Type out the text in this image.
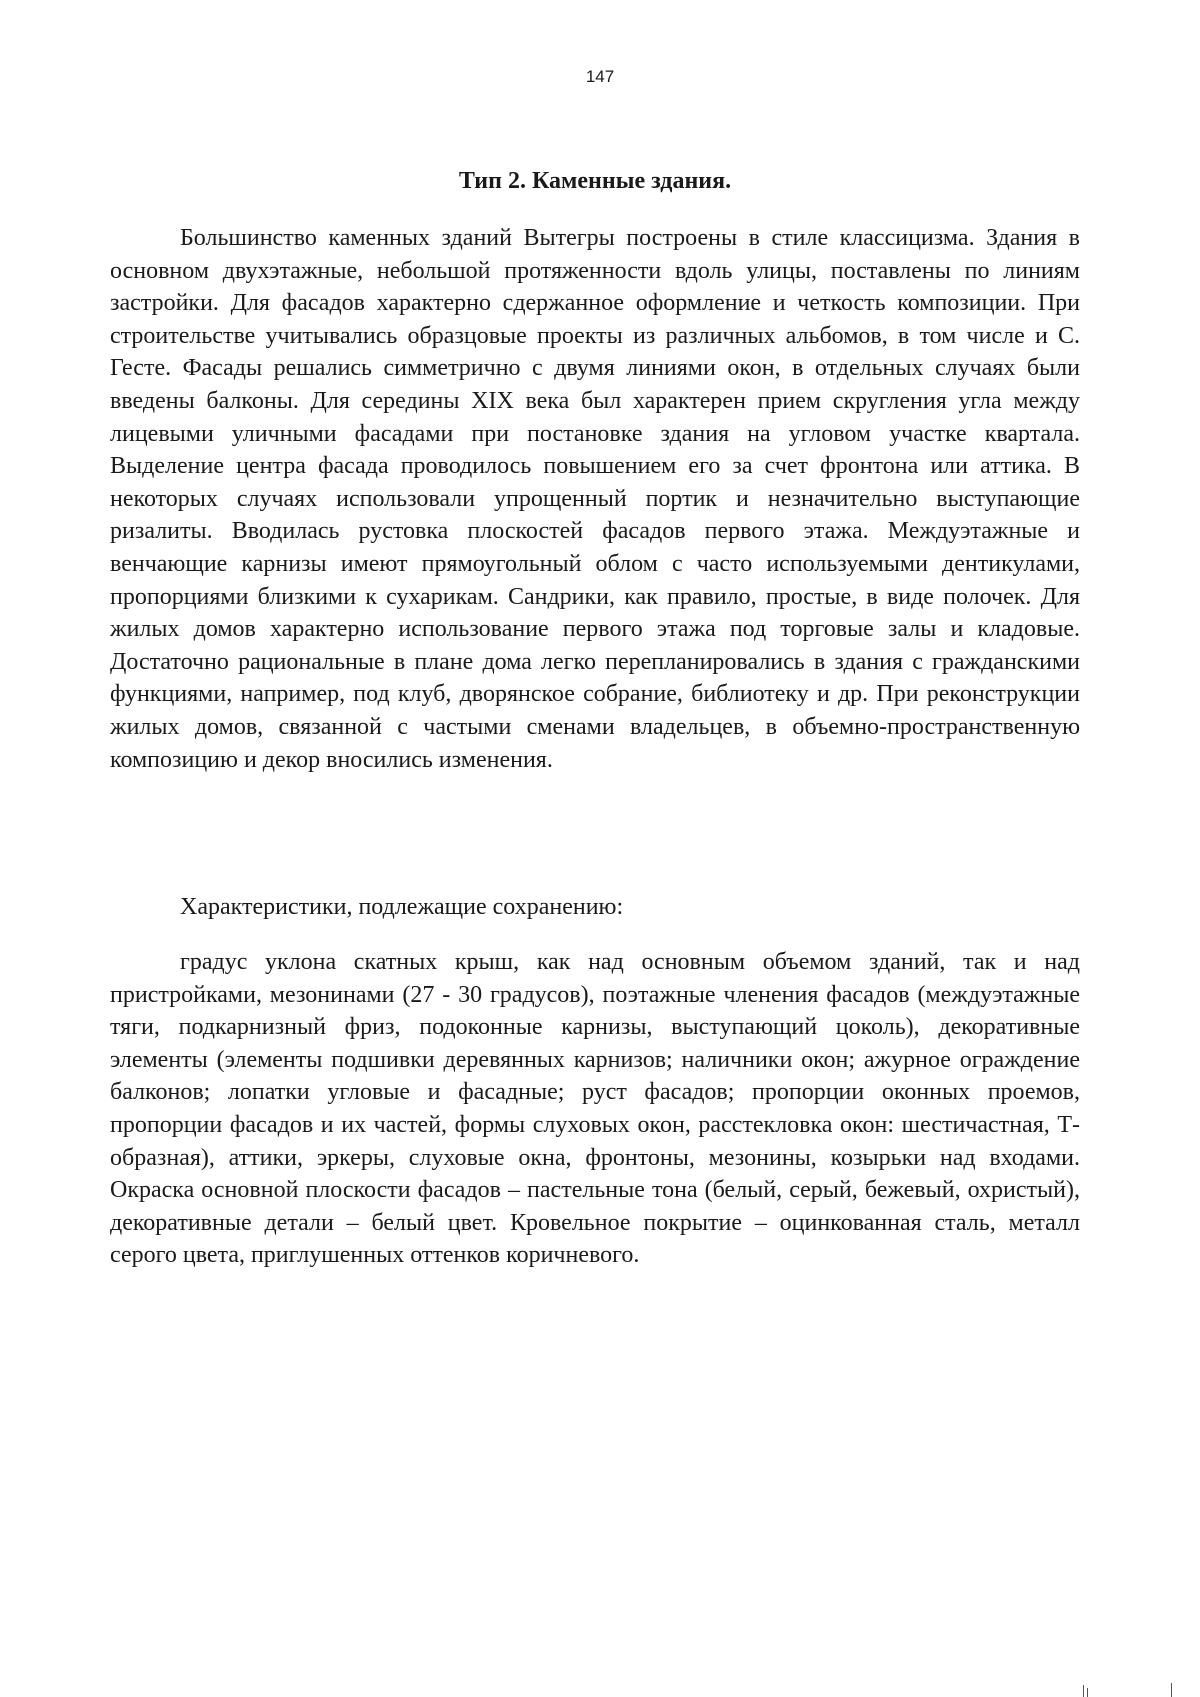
147
Тип 2. Каменные здания.

Большинство каменных зданий Вытегры построены в стиле классицизма. Здания в основном двухэтажные, небольшой протяженности вдоль улицы, поставлены по линиям застройки. Для фасадов характерно сдержанное оформление и четкость композиции. При строительстве учитывались образцовые проекты из различных альбомов, в том числе и С. Гесте. Фасады решались симметрично с двумя линиями окон, в отдельных случаях были введены балконы. Для середины XIX века был характерен прием скругления угла между лицевыми уличными фасадами при постановке здания на угловом участке квартала. Выделение центра фасада проводилось повышением его за счет фронтона или аттика. В некоторых случаях использовали упрощенный портик и незначительно выступающие ризалиты. Вводилась рустовка плоскостей фасадов первого этажа. Междуэтажные и венчающие карнизы имеют прямоугольный облом с часто используемыми дентикулами, пропорциями близкими к сухарикам. Сандрики, как правило, простые, в виде полочек. Для жилых домов характерно использование первого этажа под торговые залы и кладовые. Достаточно рациональные в плане дома легко перепланировались в здания с гражданскими функциями, например, под клуб, дворянское собрание, библиотеку и др. При реконструкции жилых домов, связанной с частыми сменами владельцев, в объемно-пространственную композицию и декор вносились изменения.

Характеристики, подлежащие сохранению:

градус уклона скатных крыш, как над основным объемом зданий, так и над пристройками, мезонинами (27 - 30 градусов), поэтажные членения фасадов (междуэтажные тяги, подкарнизный фриз, подоконные карнизы, выступающий цоколь), декоративные элементы (элементы подшивки деревянных карнизов; наличники окон; ажурное ограждение балконов; лопатки угловые и фасадные; руст фасадов; пропорции оконных проемов, пропорции фасадов и их частей, формы слуховых окон, расстекловка окон: шестичастная, Т-образная), аттики, эркеры, слуховые окна, фронтоны, мезонины, козырьки над входами. Окраска основной плоскости фасадов – пастельные тона (белый, серый, бежевый, охристый), декоративные детали – белый цвет. Кровельное покрытие – оцинкованная сталь, металл серого цвета, приглушенных оттенков коричневого.
